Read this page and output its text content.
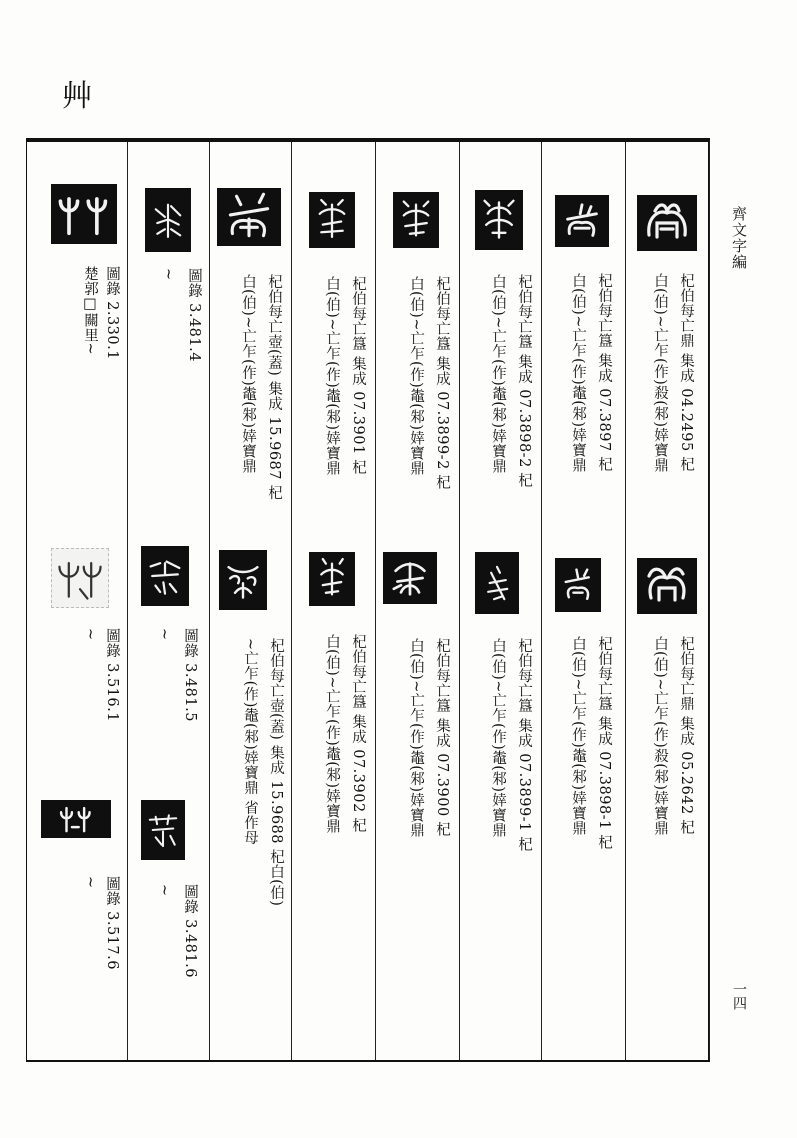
艸
齊文字編
一四
杞伯每亡鼎 集成 04.2495 杞
白(伯)~亡乍(作)殺(邾)婞寶鼎
杞伯每亡鼎 集成 05.2642 杞
白(伯)~亡乍(作)殺(邾)婞寶鼎
杞伯每亡簋 集成 07.3897 杞
白(伯)~亡乍(作)鼄(邾)婞寶鼎
杞伯每亡簋 集成 07.3898-1 杞
白(伯)~亡乍(作)鼄(邾)婞寶鼎
杞伯每亡簋 集成 07.3898-2 杞
白(伯)~亡乍(作)鼄(邾)婞寶鼎
杞伯每亡簋 集成 07.3899-1 杞
白(伯)~亡乍(作)鼄(邾)婞寶鼎
杞伯每亡簋 集成 07.3899-2 杞
白(伯)~亡乍(作)鼄(邾)婞寶鼎
杞伯每亡簋 集成 07.3900 杞
白(伯)~亡乍(作)鼄(邾)婞寶鼎
杞伯每亡簋 集成 07.3901 杞
白(伯)~亡乍(作)鼄(邾)婞寶鼎
杞伯每亡簋 集成 07.3902 杞
白(伯)~亡乍(作)鼄(邾)婞寶鼎
杞伯每亡壺(蓋) 集成 15.9687 杞
白(伯)~亡乍(作)鼄(邾)婞寶鼎
杞伯每亡壺(蓋) 集成 15.9688 杞白(伯)
~亡乍(作)鼄(邾)婞寶鼎 省作母
圖錄 3.481.4
~
圖錄 3.481.5
~
圖錄 3.481.6
~
圖錄 2.330.1
楚郭□關里~
圖錄 3.516.1
~
圖錄 3.517.6
~
